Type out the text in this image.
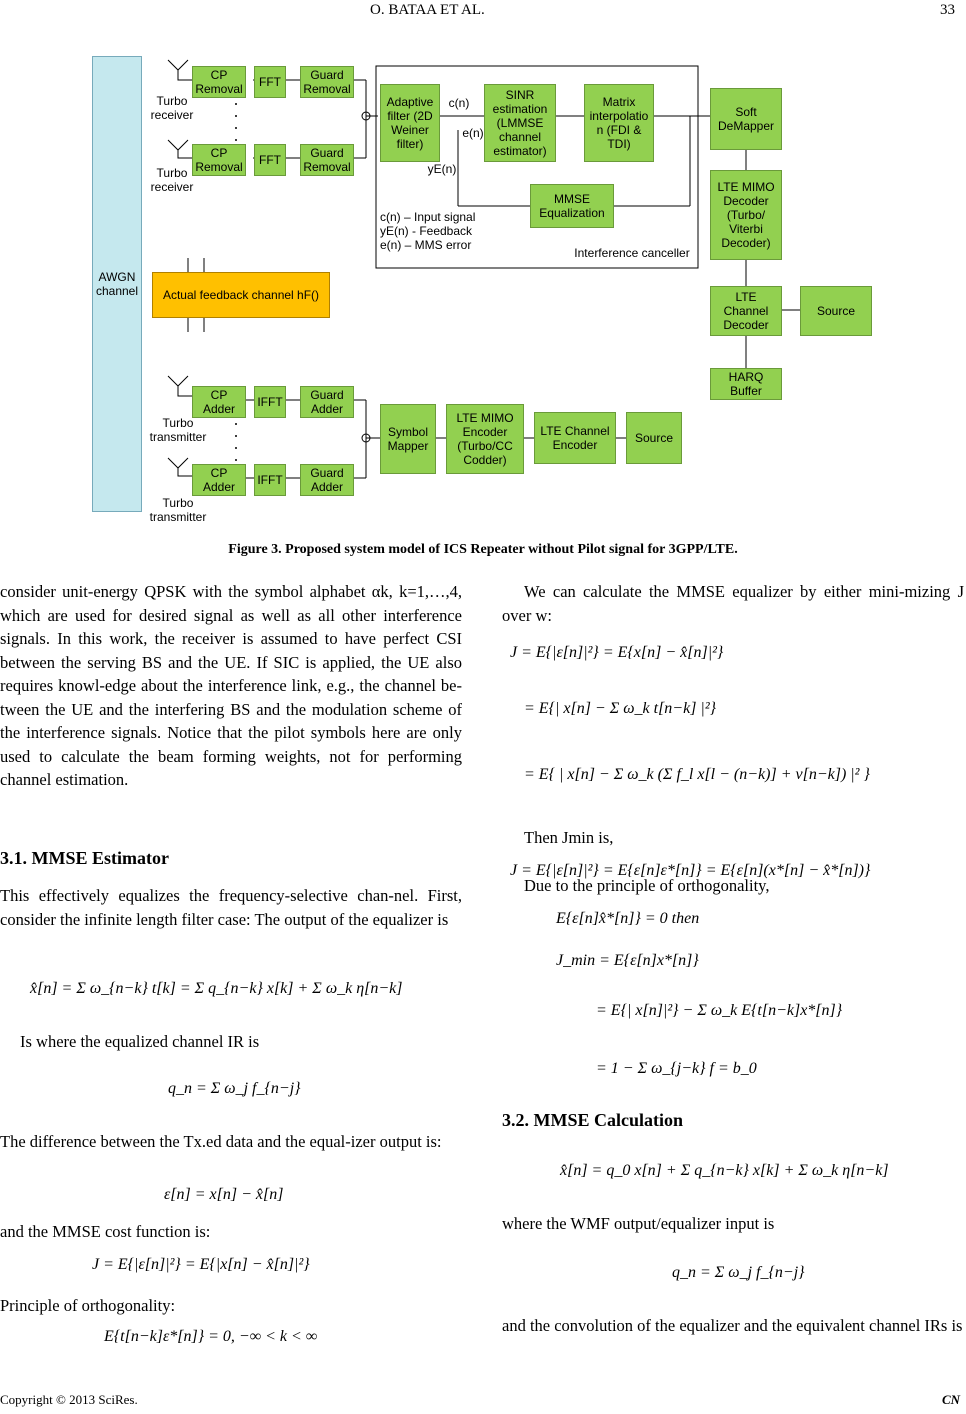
O. BATAA ET AL.	33
AWGN channel
CP Removal	FFT	Guard Removal
Turbo receiver
CP Removal	FFT	Guard Removal
Turbo receiver
Actual feedback channel hF()
CP Adder	IFFT	Guard Adder
Turbo transmitter
CP Adder	IFFT	Guard Adder
Turbo transmitter
Adaptive filter (2D Weiner filter)
c(n)
e(n)
yE(n)
SINR estimation (LMMSE channel estimator)
Matrix interpolatio n (FDI & TDI)
MMSE Equalization
c(n) – Input signal
yE(n) - Feedback
e(n) – MMS error
Interference canceller
Soft DeMapper
LTE MIMO Decoder (Turbo/ Viterbi Decoder)
LTE Channel Decoder
Source
HARQ Buffer
Symbol Mapper
LTE MIMO Encoder (Turbo/CC Codder)
LTE Channel Encoder	Source
Figure 3. Proposed system model of ICS Repeater without Pilot signal for 3GPP/LTE.

consider unit-energy QPSK with the symbol alphabet αk, k=1,…,4, which are used for desired signal as well as all other interference signals. In this work, the receiver is assumed to have perfect CSI between the serving BS and the UE. If SIC is applied, the UE also requires knowl-edge about the interference link, e.g., the channel be-tween the UE and the interfering BS and the modulation scheme of the interference signals. Notice that the pilot symbols here are only used to calculate the beam forming weights, not for performing channel estimation.

3.1. MMSE Estimator

This effectively equalizes the frequency-selective chan-nel. First, consider the infinite length filter case: The output of the equalizer is

x̂[n] = Σ ω_{n−k} t[k] = Σ q_{n−k} x[k] + Σ ω_k η[n−k]

Is where the equalized channel IR is

q_n = Σ ω_j f_{n−j}

The difference between the Tx.ed data and the equal-izer output is:

ε[n] = x[n] − x̂[n]

and the MMSE cost function is:

J = E{|ε[n]|²} = E{|x[n] − x̂[n]|²}

Principle of orthogonality:

E{t[n−k]ε*[n]} = 0, −∞ < k < ∞

We can calculate the MMSE equalizer by either mini-mizing J over w:

J = E{|ε[n]|²} = E{x[n] − x̂[n]|²}
= E{| x[n] − Σ ω_k t[n−k] |²}
= E{ | x[n] − Σ ω_k (Σ f_l x[l − (n−k)] + v[n−k]) |² }

Then Jmin is,

J = E{|ε[n]|²} = E{ε[n]ε*[n]} = E{ε[n](x*[n] − x̂*[n])}

Due to the principle of orthogonality,

E{ε[n]x̂*[n]} = 0 then
J_min = E{ε[n]x*[n]}
= E{| x[n]|²} − Σ ω_k E{t[n−k]x*[n]}
= 1 − Σ ω_{j−k} f = b_0
3.2. MMSE Calculation
x̂[n] = q_0 x[n] + Σ q_{n−k} x[k] + Σ ω_k η[n−k]

where the WMF output/equalizer input is

q_n = Σ ω_j f_{n−j}

and the convolution of the equalizer and the equivalent channel IRs is

Copyright © 2013 SciRes.	CN
